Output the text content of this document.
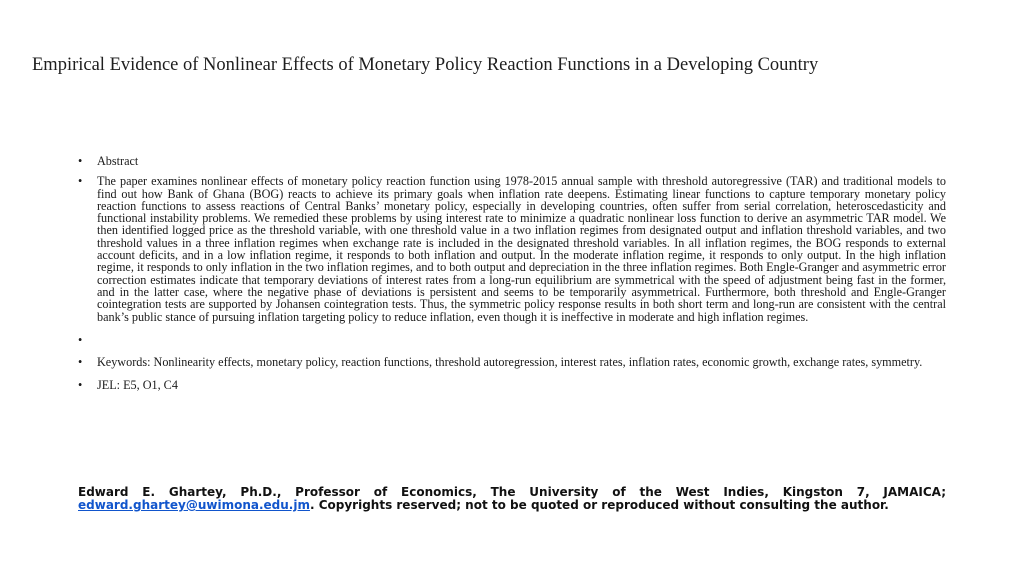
Empirical Evidence of Nonlinear Effects of Monetary Policy Reaction Functions in a Developing Country
• Abstract
• The paper examines nonlinear effects of monetary policy reaction function using 1978-2015 annual sample with threshold autoregressive (TAR) and traditional models to find out how Bank of Ghana (BOG) reacts to achieve its primary goals when inflation rate deepens. Estimating linear functions to capture temporary monetary policy reaction functions to assess reactions of Central Banks’ monetary policy, especially in developing countries, often suffer from serial correlation, heteroscedasticity and functional instability problems. We remedied these problems by using interest rate to minimize a quadratic nonlinear loss function to derive an asymmetric TAR model. We then identified logged price as the threshold variable, with one threshold value in a two inflation regimes from designated output and inflation threshold variables, and two threshold values in a three inflation regimes when exchange rate is included in the designated threshold variables. In all inflation regimes, the BOG responds to external account deficits, and in a low inflation regime, it responds to both inflation and output. In the moderate inflation regime, it responds to only output. In the high inflation regime, it responds to only inflation in the two inflation regimes, and to both output and depreciation in the three inflation regimes. Both Engle-Granger and asymmetric error correction estimates indicate that temporary deviations of interest rates from a long-run equilibrium are symmetrical with the speed of adjustment being fast in the former, and in the latter case, where the negative phase of deviations is persistent and seems to be temporarily asymmetrical. Furthermore, both threshold and Engle-Granger cointegration tests are supported by Johansen cointegration tests. Thus, the symmetric policy response results in both short term and long-run are consistent with the central bank’s public stance of pursuing inflation targeting policy to reduce inflation, even though it is ineffective in moderate and high inflation regimes.
•
• Keywords: Nonlinearity effects, monetary policy, reaction functions, threshold autoregression, interest rates, inflation rates, economic growth, exchange rates, symmetry.
• JEL: E5, O1, C4
Edward E. Ghartey, Ph.D., Professor of Economics, The University of the West Indies, Kingston 7, JAMAICA; edward.ghartey@uwimona.edu.jm. Copyrights reserved; not to be quoted or reproduced without consulting the author.
